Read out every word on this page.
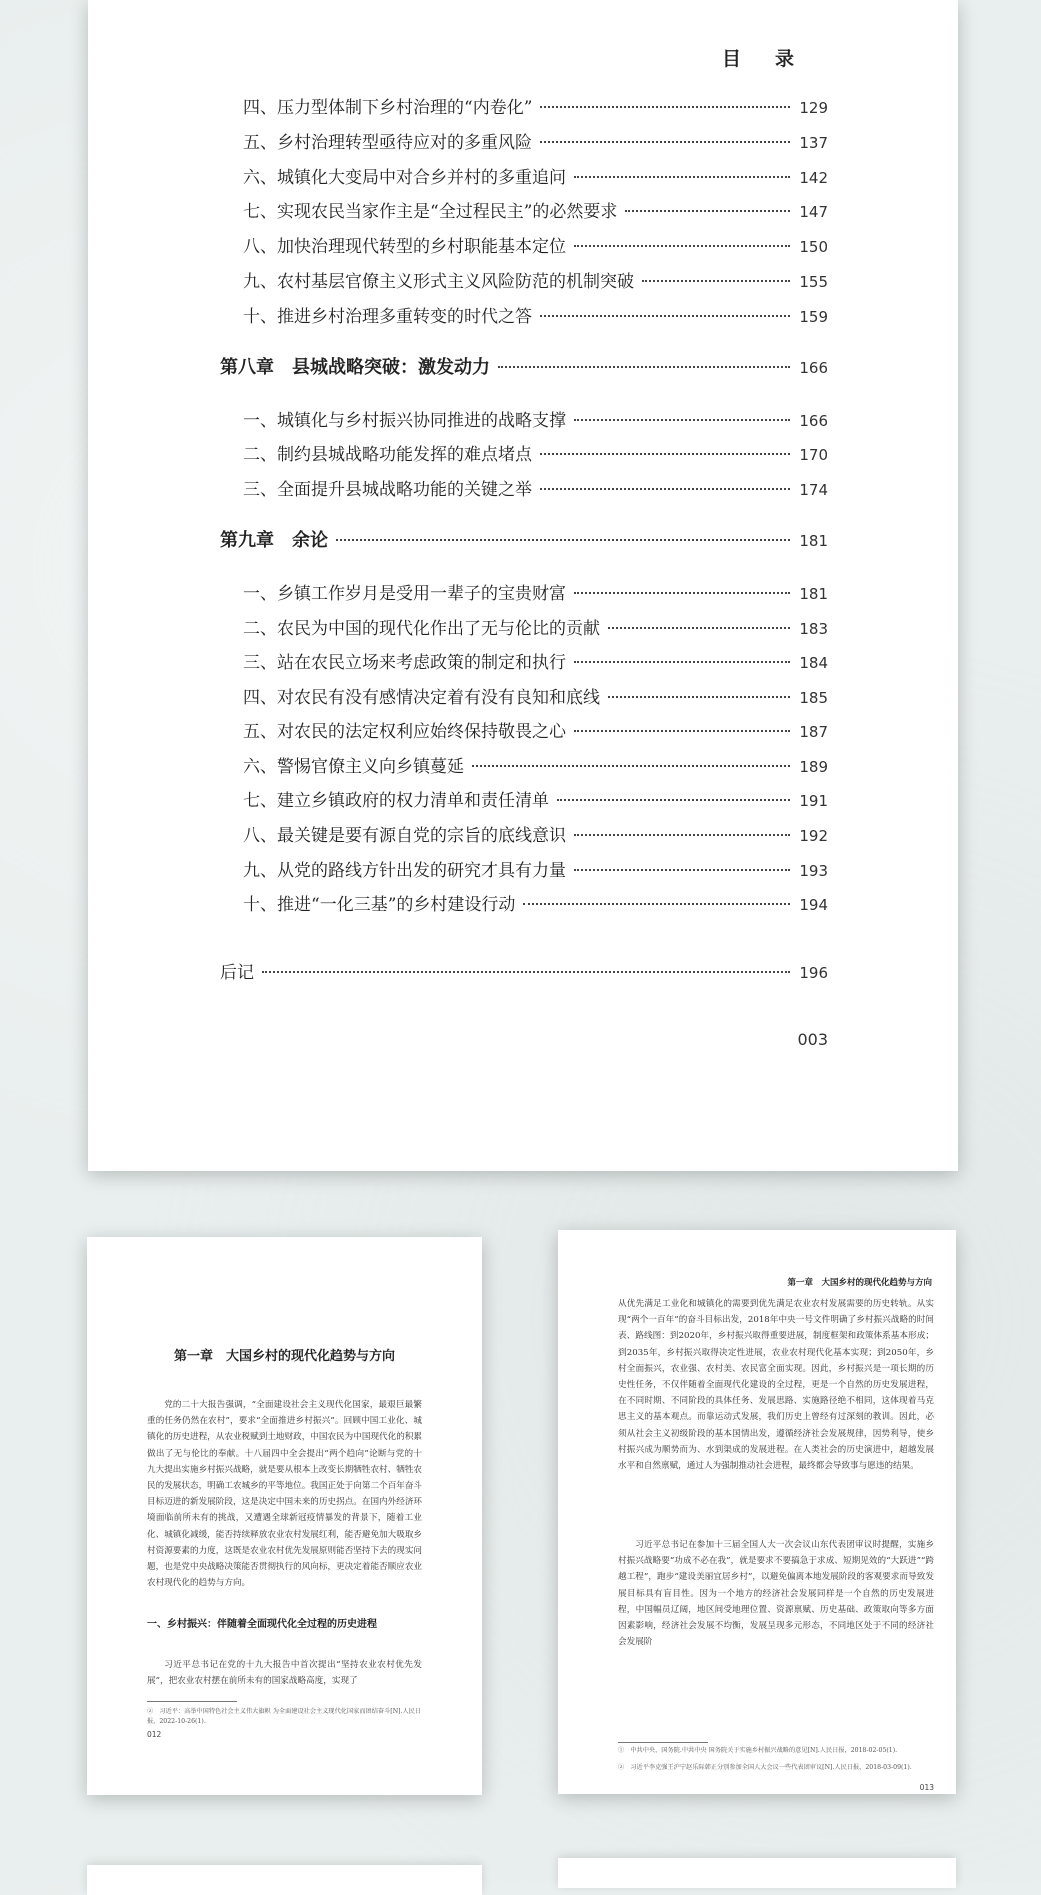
目录
四、压力型体制下乡村治理的“内卷化”	129
五、乡村治理转型亟待应对的多重风险	137
六、城镇化大变局中对合乡并村的多重追问	142
七、实现农民当家作主是“全过程民主”的必然要求	147
八、加快治理现代转型的乡村职能基本定位	150
九、农村基层官僚主义形式主义风险防范的机制突破	155
十、推进乡村治理多重转变的时代之答	159
第八章　县城战略突破：激发动力	166
一、城镇化与乡村振兴协同推进的战略支撑	166
二、制约县城战略功能发挥的难点堵点	170
三、全面提升县城战略功能的关键之举	174
第九章　余论	181
一、乡镇工作岁月是受用一辈子的宝贵财富	181
二、农民为中国的现代化作出了无与伦比的贡献	183
三、站在农民立场来考虑政策的制定和执行	184
四、对农民有没有感情决定着有没有良知和底线	185
五、对农民的法定权利应始终保持敬畏之心	187
六、警惕官僚主义向乡镇蔓延	189
七、建立乡镇政府的权力清单和责任清单	191
八、最关键是要有源自党的宗旨的底线意识	192
九、从党的路线方针出发的研究才具有力量	193
十、推进“一化三基”的乡村建设行动	194
后记	196
003
第一章　大国乡村的现代化趋势与方向

党的二十大报告强调，“全面建设社会主义现代化国家，最艰巨最繁重的任务仍然在农村”，要求“全面推进乡村振兴”。回顾中国工业化、城镇化的历史进程，从农业税赋到土地财政，中国农民为中国现代化的积累做出了无与伦比的奉献。十八届四中全会提出“两个趋向”论断与党的十九大提出实施乡村振兴战略，就是要从根本上改变长期牺牲农村、牺牲农民的发展状态，明确工农城乡的平等地位。我国正处于向第二个百年奋斗目标迈进的新发展阶段，这是决定中国未来的历史拐点。在国内外经济环境面临前所未有的挑战，又遭遇全球新冠疫情暴发的背景下，随着工业化、城镇化减缓，能否持续释放农业农村发展红利，能否避免加大吸取乡村资源要素的力度，这既是农业农村优先发展原则能否坚持下去的现实问题，也是党中央战略决策能否贯彻执行的风向标，更决定着能否顺应农业农村现代化的趋势与方向。

一、乡村振兴：伴随着全面现代化全过程的历史进程

习近平总书记在党的十九大报告中首次提出“坚持农业农村优先发展”，把农业农村摆在前所未有的国家战略高度，实现了

②　习近平：高举中国特色社会主义伟大旗帜 为全面建设社会主义现代化国家而团结奋斗[N].人民日报，2022-10-26(1).

012
第一章　大国乡村的现代化趋势与方向

从优先满足工业化和城镇化的需要到优先满足农业农村发展需要的历史转轨。从实现“两个一百年”的奋斗目标出发，2018年中央一号文件明确了乡村振兴战略的时间表、路线图：到2020年，乡村振兴取得重要进展，制度框架和政策体系基本形成；到2035年，乡村振兴取得决定性进展，农业农村现代化基本实现；到2050年，乡村全面振兴，农业强、农村美、农民富全面实现。因此，乡村振兴是一项长期的历史性任务，不仅伴随着全面现代化建设的全过程，更是一个自然的历史发展进程，在不同时期、不同阶段的具体任务、发展思路、实施路径绝不相同，这体现着马克思主义的基本观点。而靠运动式发展，我们历史上曾经有过深刻的教训。因此，必须从社会主义初级阶段的基本国情出发，遵循经济社会发展规律，因势利导，使乡村振兴成为顺势而为、水到渠成的发展进程。在人类社会的历史演进中，超越发展水平和自然禀赋，通过人为强制推动社会进程，最终都会导致事与愿违的结果。

习近平总书记在参加十三届全国人大一次会议山东代表团审议时提醒，实施乡村振兴战略要“功成不必在我”，就是要求不要搞急于求成、短期见效的“大跃进”“跨越工程”，跑步“建设美丽宜居乡村”，以避免偏离本地发展阶段的客观要求而导致发展目标具有盲目性。因为一个地方的经济社会发展同样是一个自然的历史发展进程，中国幅员辽阔，地区间受地理位置、资源禀赋、历史基础、政策取向等多方面因素影响，经济社会发展不均衡，发展呈现多元形态，不同地区处于不同的经济社会发展阶

①　中共中央、国务院.中共中央 国务院关于实施乡村振兴战略的意见[N].人民日报，2018-02-05(1).

②　习近平李克强王沪宁赵乐际韩正分别参加全国人大会议一些代表团审议[N].人民日报，2018-03-09(1).

013
